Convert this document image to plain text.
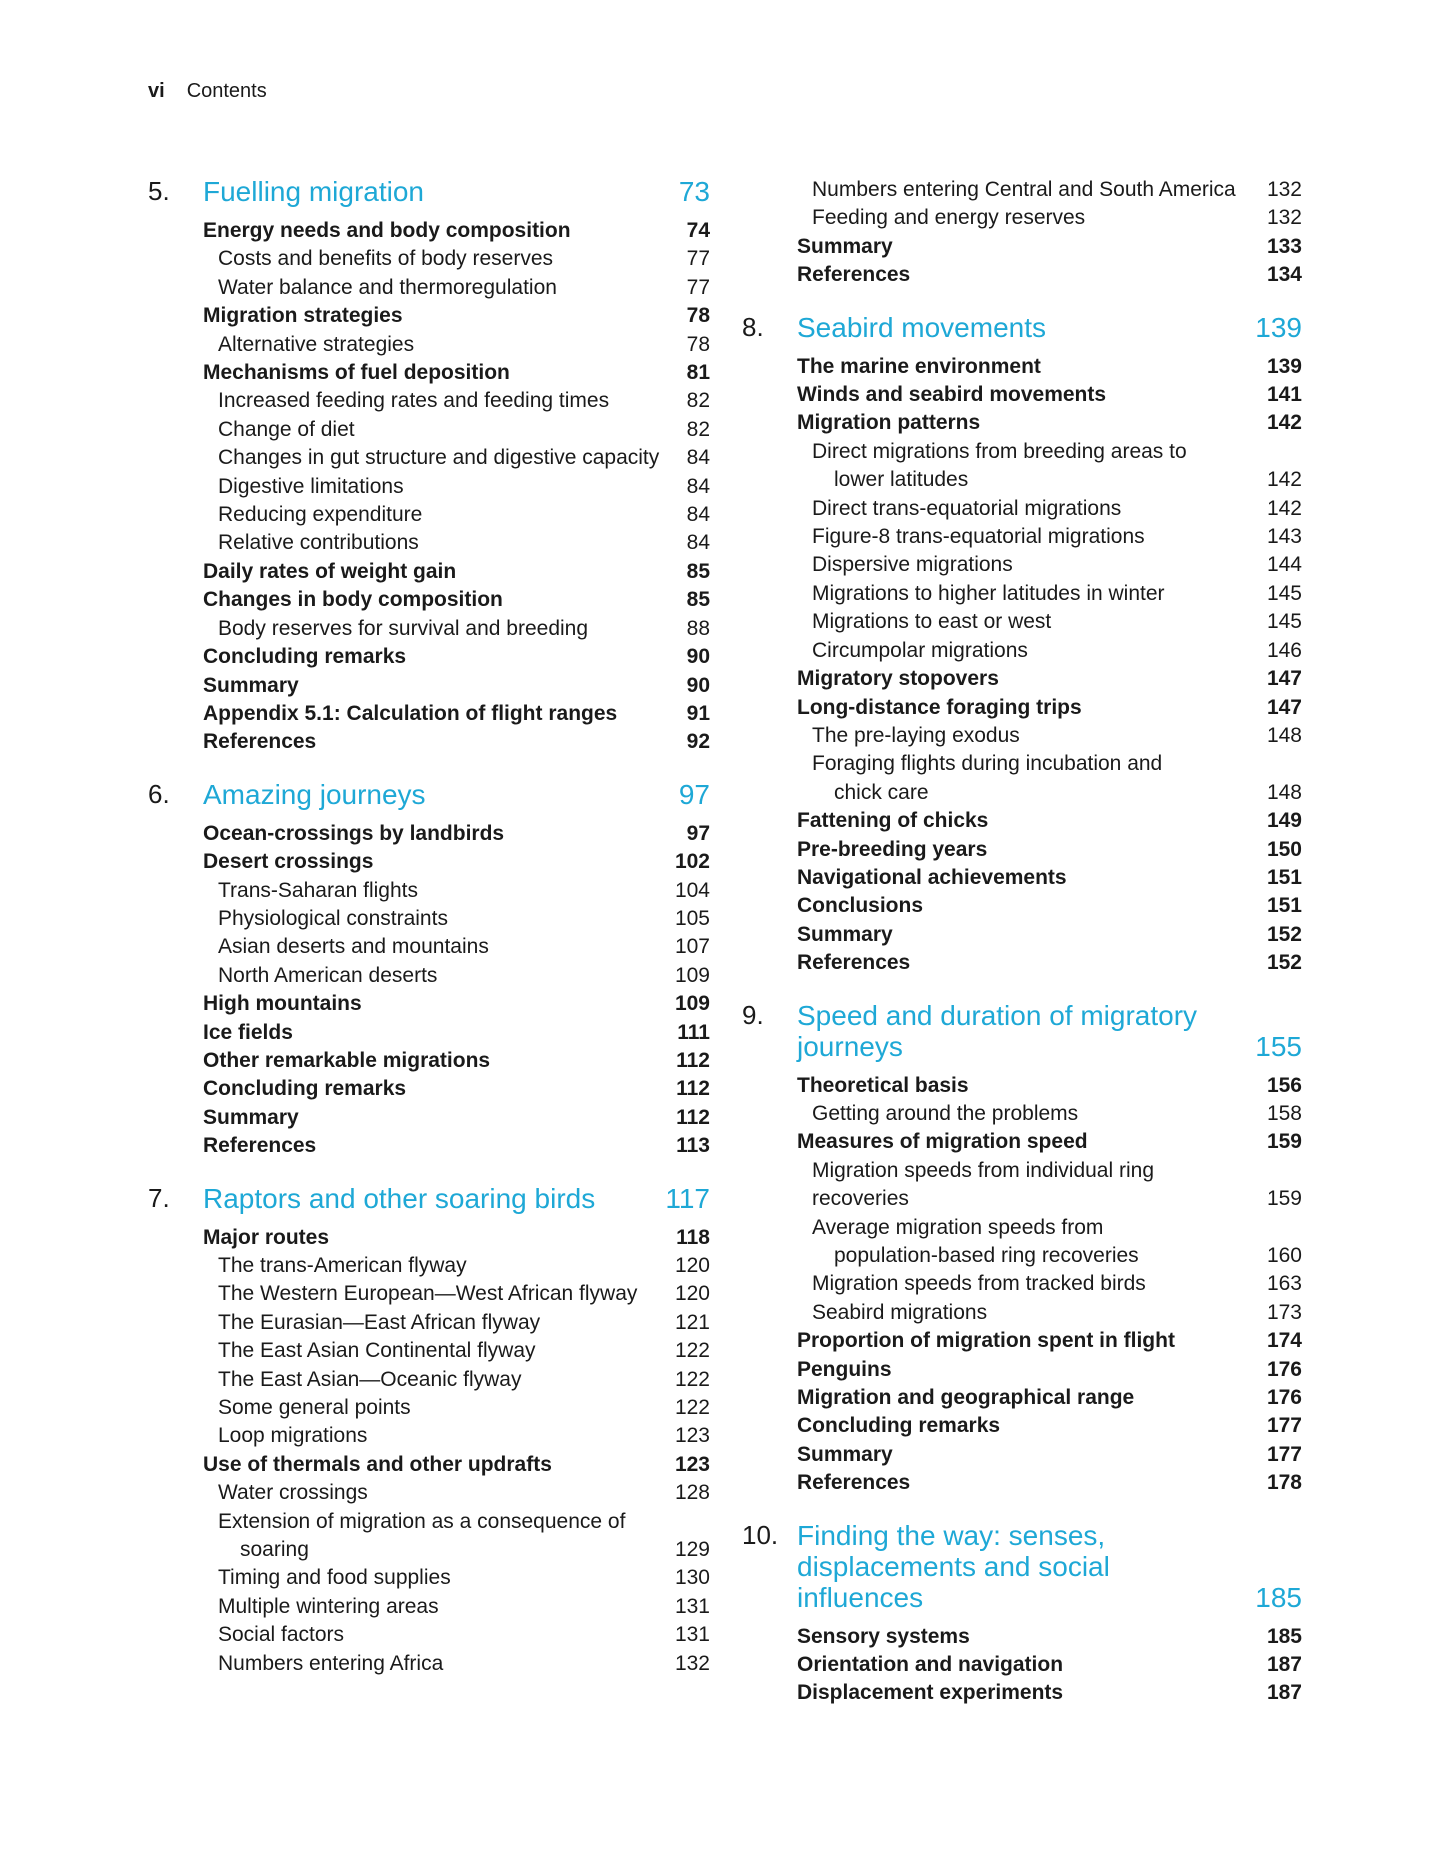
vi Contents
5.	Fuelling migration	73
Energy needs and body composition	74
Costs and benefits of body reserves	77
Water balance and thermoregulation	77
Migration strategies	78
Alternative strategies	78
Mechanisms of fuel deposition	81
Increased feeding rates and feeding times	82
Change of diet	82
Changes in gut structure and digestive capacity	84
Digestive limitations	84
Reducing expenditure	84
Relative contributions	84
Daily rates of weight gain	85
Changes in body composition	85
Body reserves for survival and breeding	88
Concluding remarks	90
Summary	90
Appendix 5.1: Calculation of flight ranges	91
References	92
6.	Amazing journeys	97
Ocean-crossings by landbirds	97
Desert crossings	102
Trans-Saharan flights	104
Physiological constraints	105
Asian deserts and mountains	107
North American deserts	109
High mountains	109
Ice fields	111
Other remarkable migrations	112
Concluding remarks	112
Summary	112
References	113
7.	Raptors and other soaring birds	117
Major routes	118
The trans-American flyway	120
The Western European—West African flyway	120
The Eurasian—East African flyway	121
The East Asian Continental flyway	122
The East Asian—Oceanic flyway	122
Some general points	122
Loop migrations	123
Use of thermals and other updrafts	123
Water crossings	128
Extension of migration as a consequence of
soaring	129
Timing and food supplies	130
Multiple wintering areas	131
Social factors	131
Numbers entering Africa	132
Numbers entering Central and South America	132
Feeding and energy reserves	132
Summary	133
References	134
8.	Seabird movements	139
The marine environment	139
Winds and seabird movements	141
Migration patterns	142
Direct migrations from breeding areas to
lower latitudes	142
Direct trans-equatorial migrations	142
Figure-8 trans-equatorial migrations	143
Dispersive migrations	144
Migrations to higher latitudes in winter	145
Migrations to east or west	145
Circumpolar migrations	146
Migratory stopovers	147
Long-distance foraging trips	147
The pre-laying exodus	148
Foraging flights during incubation and
chick care	148
Fattening of chicks	149
Pre-breeding years	150
Navigational achievements	151
Conclusions	151
Summary	152
References	152
9.	Speed and duration of migratory journeys	155
Theoretical basis	156
Getting around the problems	158
Measures of migration speed	159
Migration speeds from individual ring recoveries	159
Average migration speeds from
population-based ring recoveries	160
Migration speeds from tracked birds	163
Seabird migrations	173
Proportion of migration spent in flight	174
Penguins	176
Migration and geographical range	176
Concluding remarks	177
Summary	177
References	178
10. Finding the way: senses, displacements and social influences	185
Sensory systems	185
Orientation and navigation	187
Displacement experiments	187
